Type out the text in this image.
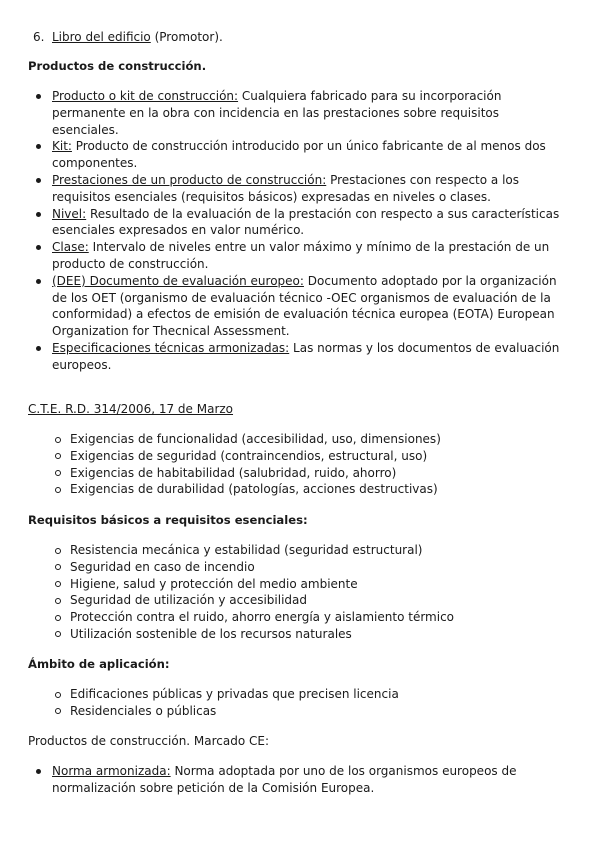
6. Libro del edificio (Promotor).
Productos de construcción.
Producto o kit de construcción: Cualquiera fabricado para su incorporación permanente en la obra con incidencia en las prestaciones sobre requisitos esenciales.
Kit: Producto de construcción introducido por un único fabricante de al menos dos componentes.
Prestaciones de un producto de construcción: Prestaciones con respecto a los requisitos esenciales (requisitos básicos) expresadas en niveles o clases.
Nivel: Resultado de la evaluación de la prestación con respecto a sus características esenciales expresados en valor numérico.
Clase: Intervalo de niveles entre un valor máximo y mínimo de la prestación de un producto de construcción.
(DEE) Documento de evaluación europeo: Documento adoptado por la organización de los OET (organismo de evaluación técnico -OEC organismos de evaluación de la conformidad) a efectos de emisión de evaluación técnica europea (EOTA) European Organization for Thecnical Assessment.
Especificaciones técnicas armonizadas: Las normas y los documentos de evaluación europeos.
C.T.E. R.D. 314/2006, 17 de Marzo
Exigencias de funcionalidad (accesibilidad, uso, dimensiones)
Exigencias de seguridad (contraincendios, estructural, uso)
Exigencias de habitabilidad (salubridad, ruido, ahorro)
Exigencias de durabilidad (patologías, acciones destructivas)
Requisitos básicos a requisitos esenciales:
Resistencia mecánica y estabilidad (seguridad estructural)
Seguridad en caso de incendio
Higiene, salud y protección del medio ambiente
Seguridad de utilización y accesibilidad
Protección contra el ruido, ahorro energía y aislamiento térmico
Utilización sostenible de los recursos naturales
Ámbito de aplicación:
Edificaciones públicas y privadas que precisen licencia
Residenciales o públicas
Productos de construcción. Marcado CE:
Norma armonizada: Norma adoptada por uno de los organismos europeos de normalización sobre petición de la Comisión Europea.
